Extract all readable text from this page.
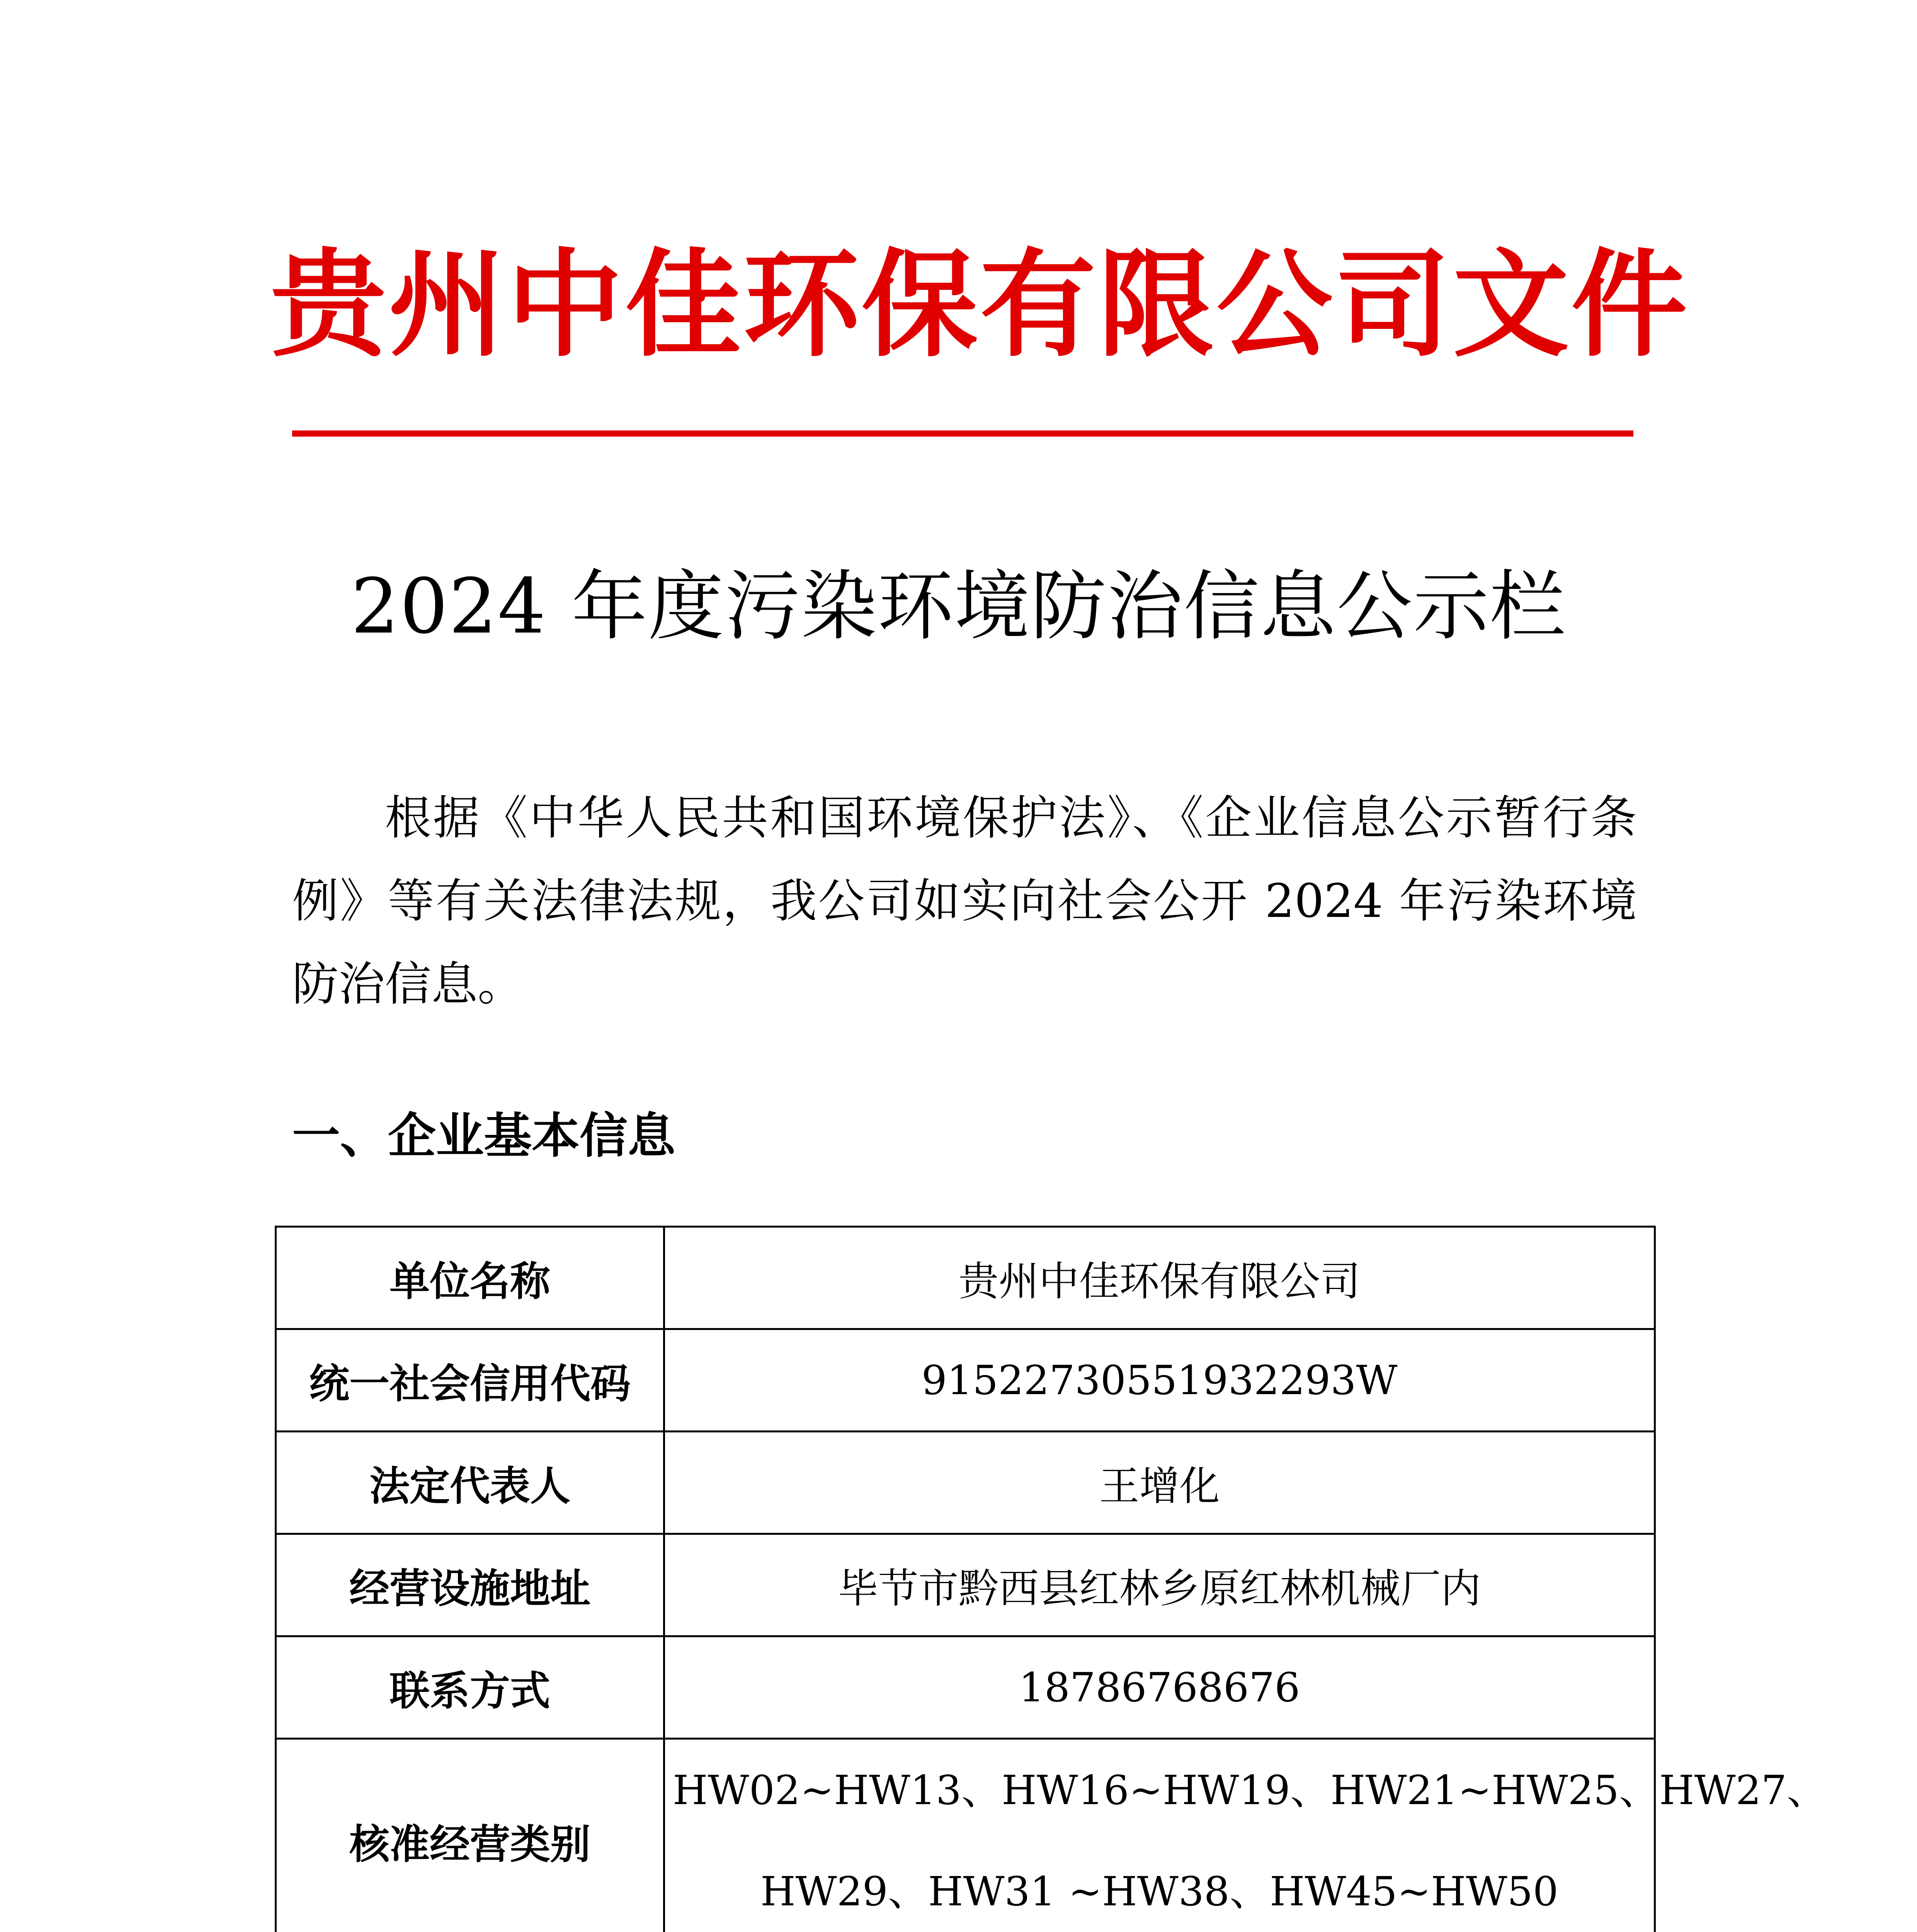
贵州中佳环保有限公司文件
2024 年度污染环境防治信息公示栏

根据《中华人民共和国环境保护法》、《企业信息公示暂行条例》等有关法律法规，我公司如实向社会公开 2024 年污染环境防治信息。

一、企业基本信息
单位名称	贵州中佳环保有限公司
统一社会信用代码	91522730551932293W
法定代表人	王增化
经营设施地址	毕节市黔西县红林乡原红林机械厂内
联系方式	18786768676
核准经营类别	HW02~HW13、HW16~HW19、HW21~HW25、HW27、
HW29、HW31 ~HW38、HW45~HW50
